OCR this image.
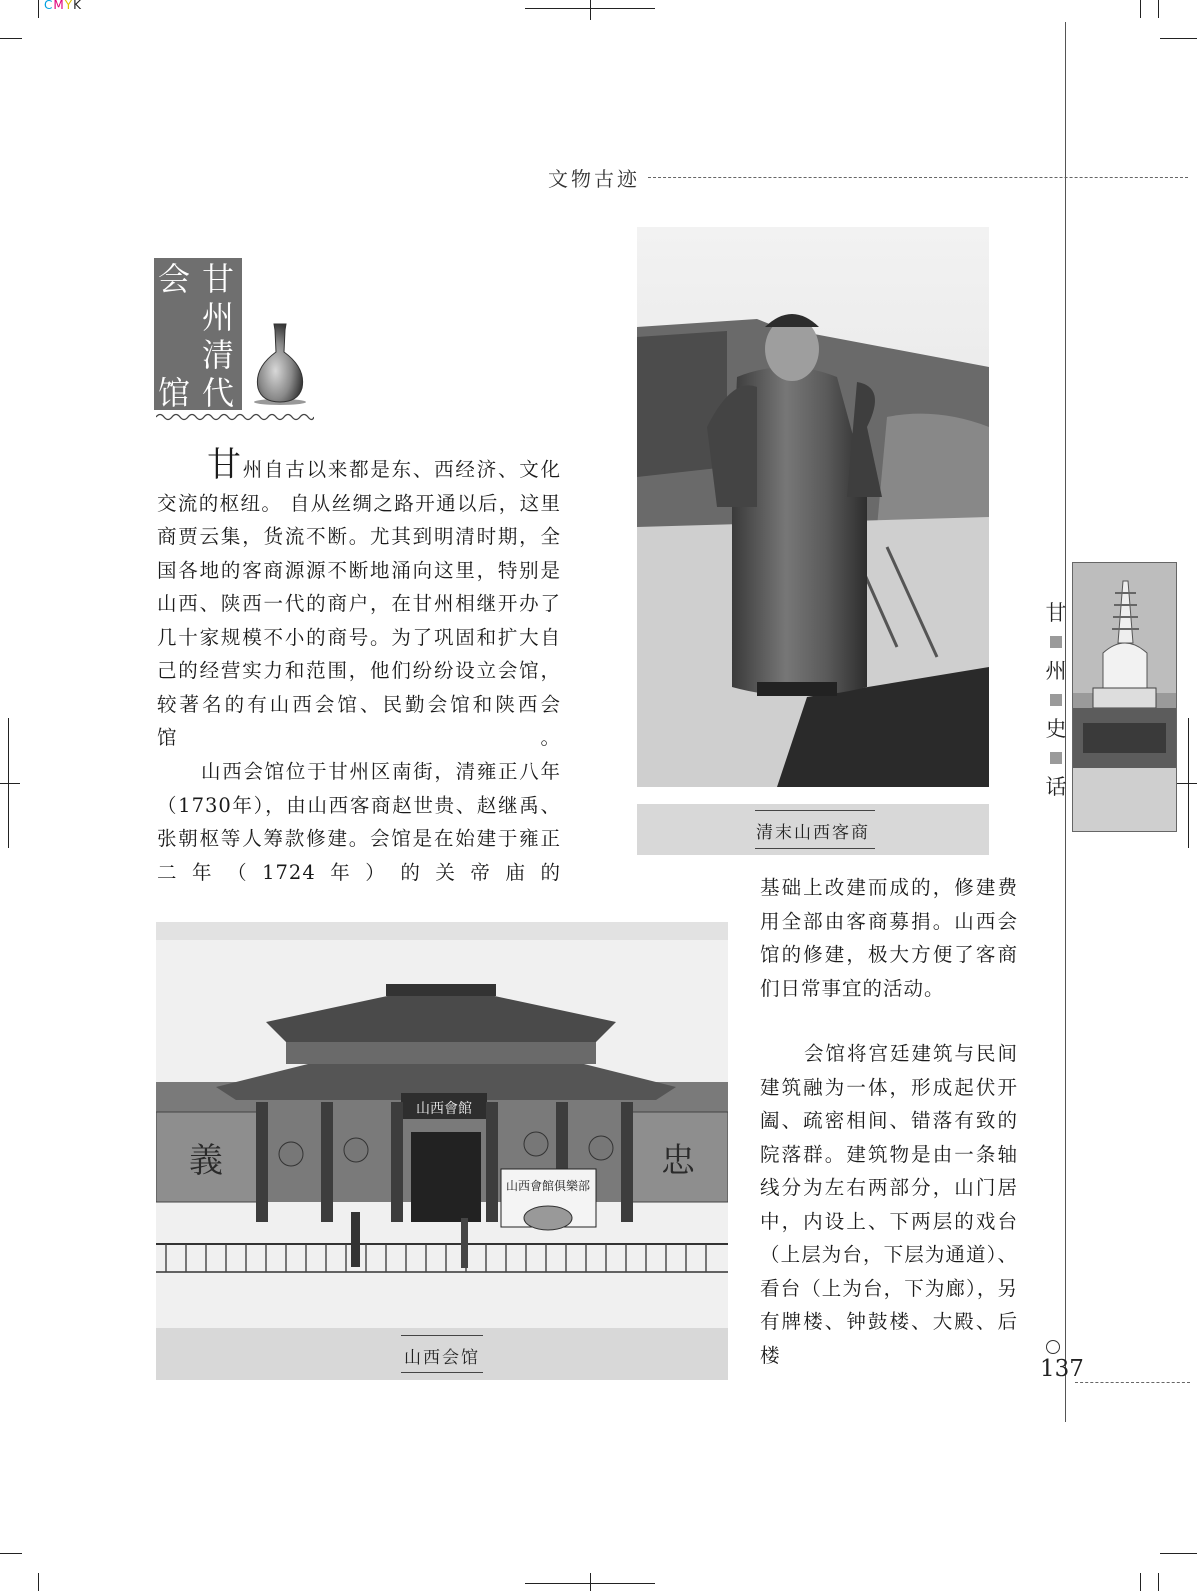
CMYK
文物古迹
甘
州
清
代
会
馆

甘州自古以来都是东、西经济、文化交流的枢纽。 自从丝绸之路开通以后，这里商贾云集，货流不断。尤其到明清时期，全国各地的客商源源不断地涌向这里，特别是山西、陕西一代的商户，在甘州相继开办了几十家规模不小的商号。为了巩固和扩大自己的经营实力和范围，他们纷纷设立会馆，较著名的有山西会馆、民勤会馆和陕西会馆。

山西会馆位于甘州区南街，清雍正八年（1730年），由山西客商赵世贵、赵继禹、张朝枢等人筹款修建。会馆是在始建于雍正二年（1724年）的关帝庙的

基础上改建而成的，修建费用全部由客商募捐。山西会馆的修建，极大方便了客商们日常事宜的活动。

会馆将宫廷建筑与民间建筑融为一体，形成起伏开阖、疏密相间、错落有致的院落群。建筑物是由一条轴线分为左右两部分，山门居中，内设上、下两层的戏台（上层为台，下层为通道）、看台（上为台，下为廊），另有牌楼、钟鼓楼、大殿、后楼

清末山西客商
山西會館
山西會館俱樂部
義	忠
山西会馆
甘
州
史
话
137
